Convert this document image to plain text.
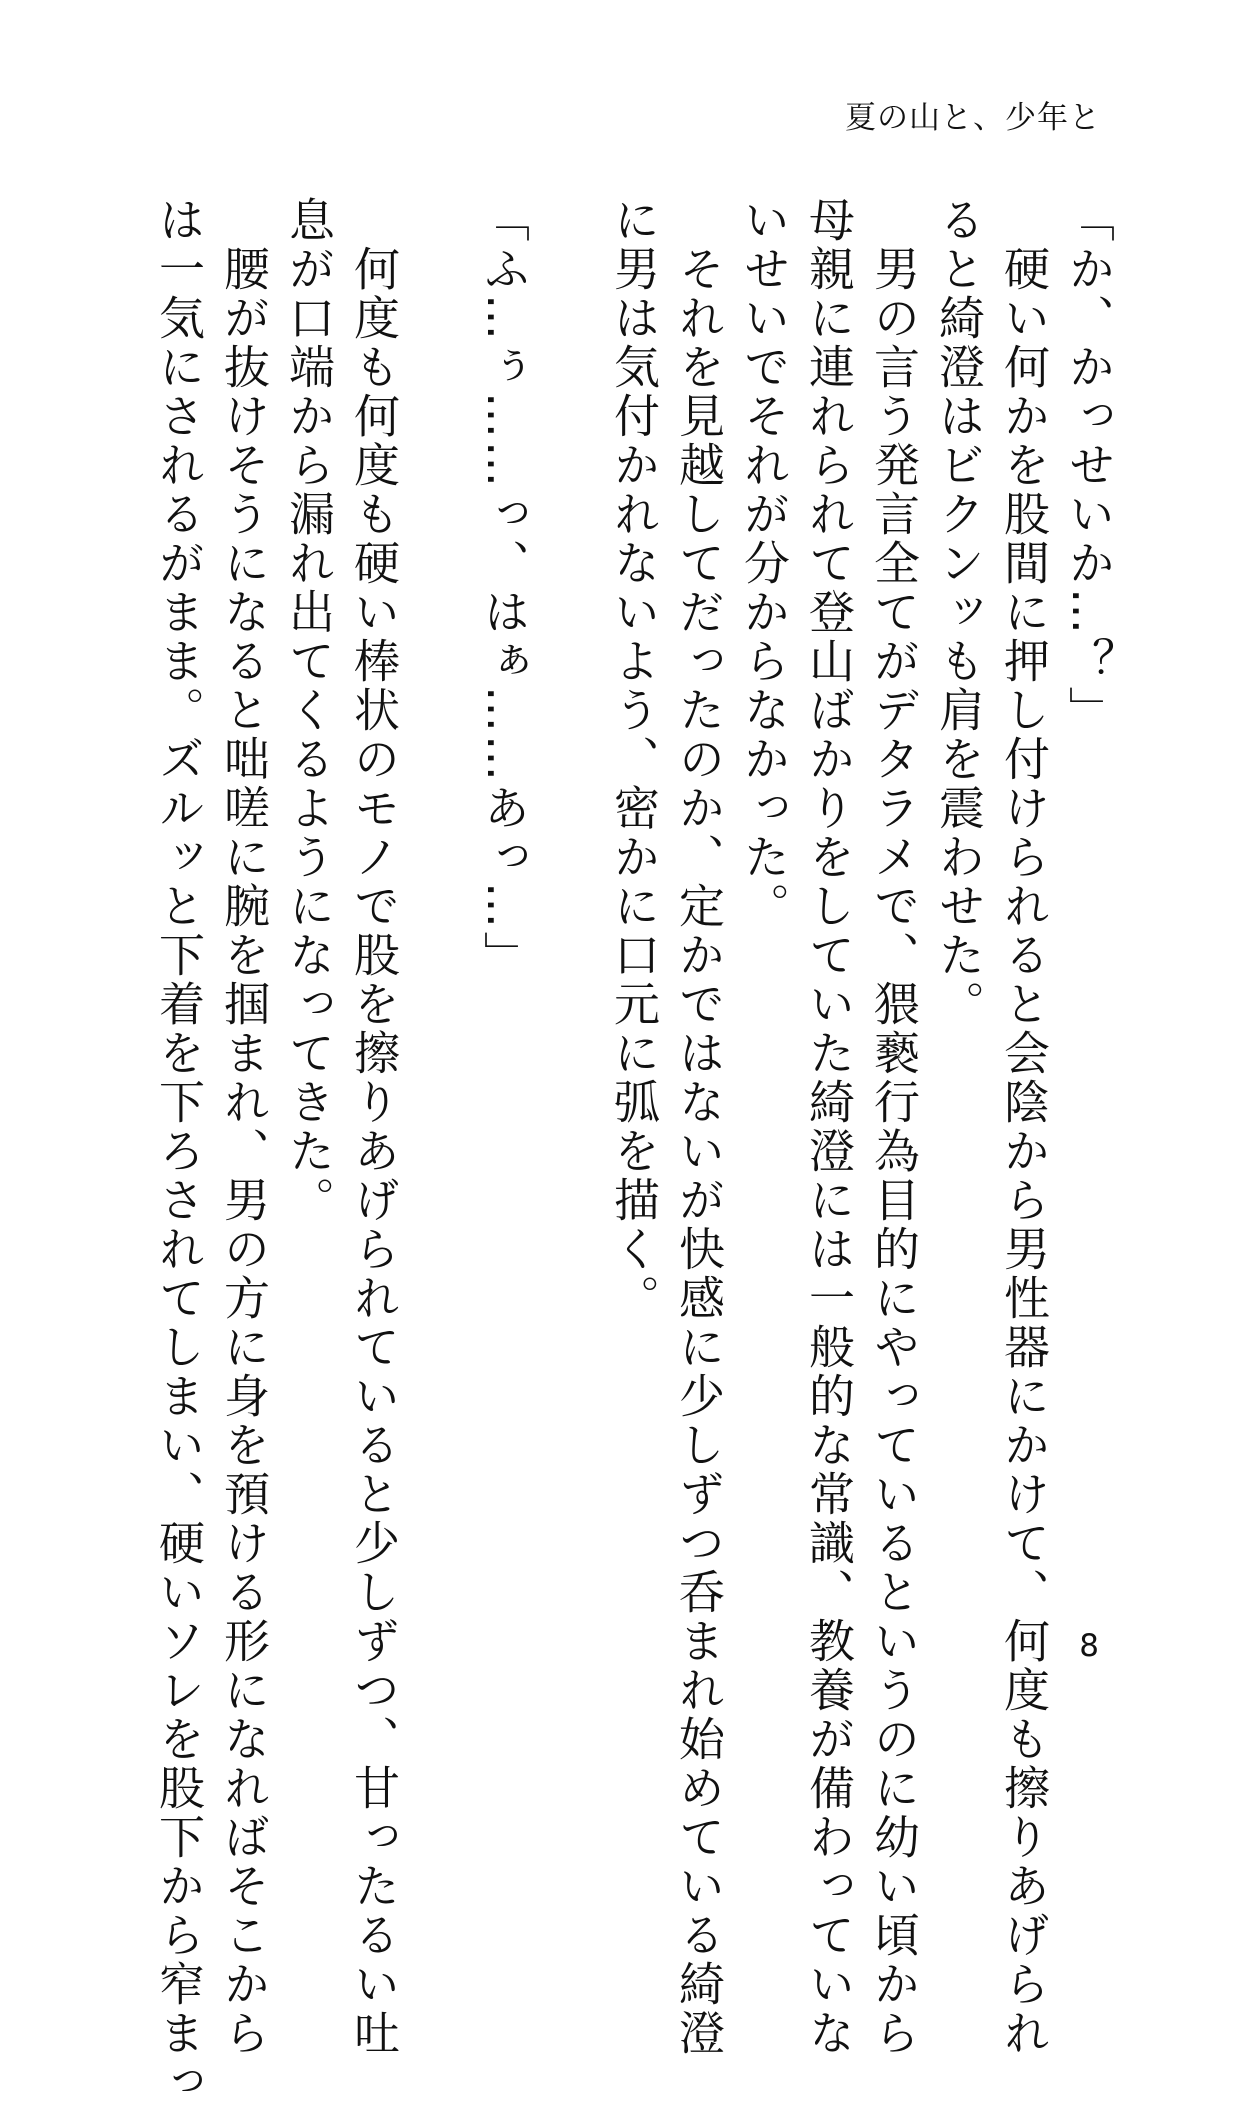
夏の山と、少年と
「か、かっせいか…？」
　硬い何かを股間に押し付けられると会陰から男性器にかけて、何度も擦りあげられ
ると綺澄はビクンッも肩を震わせた。
　男の言う発言全てがデタラメで、猥褻行為目的にやっているというのに幼い頃から
母親に連れられて登山ばかりをしていた綺澄には一般的な常識、教養が備わっていな
いせいでそれが分からなかった。
　それを見越してだったのか、定かではないが快感に少しずつ呑まれ始めている綺澄
に男は気付かれないよう、密かに口元に弧を描く。
「ふ…ぅ……っ、はぁ……あっ…」
　何度も何度も硬い棒状のモノで股を擦りあげられていると少しずつ、甘ったるい吐
息が口端から漏れ出てくるようになってきた。
　腰が抜けそうになると咄嗟に腕を掴まれ、男の方に身を預ける形になればそこから
は一気にされるがまま。ズルッと下着を下ろされてしまい、硬いソレを股下から窄まっ	8
